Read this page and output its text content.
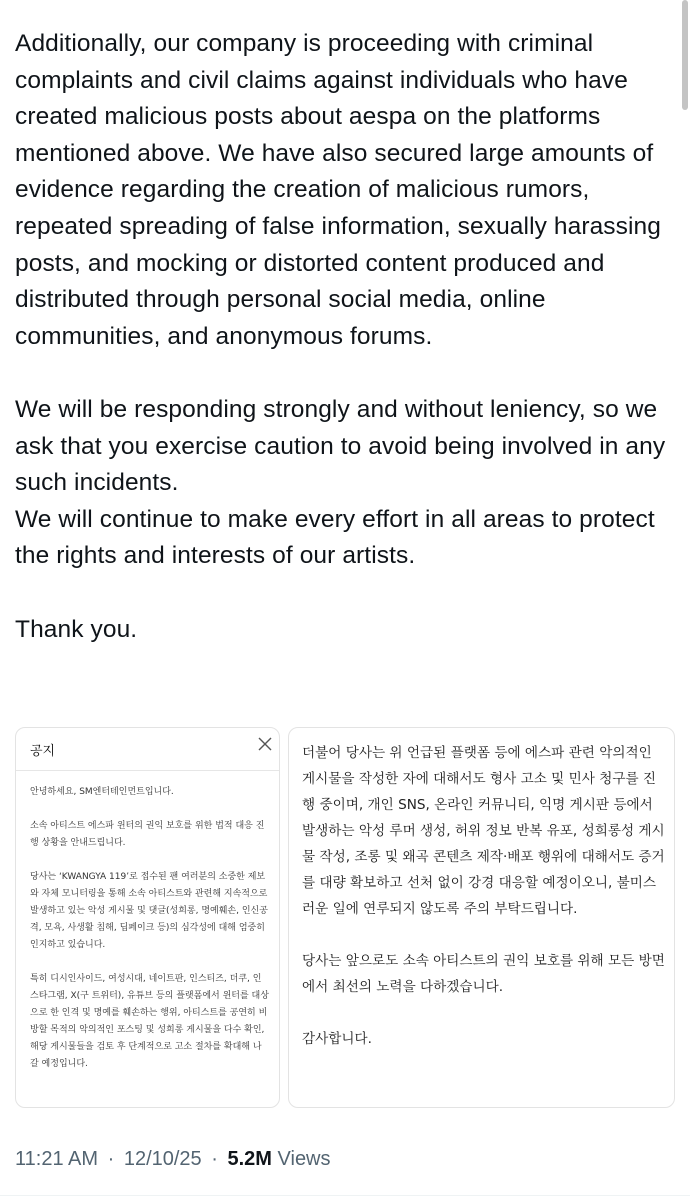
Additionally, our company is proceeding with criminal complaints and civil claims against individuals who have created malicious posts about aespa on the platforms mentioned above. We have also secured large amounts of evidence regarding the creation of malicious rumors, repeated spreading of false information, sexually harassing posts, and mocking or distorted content produced and distributed through personal social media, online communities, and anonymous forums.

We will be responding strongly and without leniency, so we ask that you exercise caution to avoid being involved in any such incidents.

We will continue to make every effort in all areas to protect the rights and interests of our artists.

Thank you.

공지

안녕하세요, SM엔터테인먼트입니다.

소속 아티스트 에스파 윈터의 권익 보호를 위한 법적 대응 진행 상황을 안내드립니다.

당사는 ‘KWANGYA 119’로 접수된 팬 여러분의 소중한 제보와 자체 모니터링을 통해 소속 아티스트와 관련해 지속적으로 발생하고 있는 악성 게시물 및 댓글(성희롱, 명예훼손, 인신공격, 모욕, 사생활 침해, 딥페이크 등)의 심각성에 대해 엄중히 인지하고 있습니다.

특히 디시인사이드, 여성시대, 네이트판, 인스티즈, 더쿠, 인스타그램, X(구 트위터), 유튜브 등의 플랫폼에서 윈터를 대상으로 한 인격 및 명예를 훼손하는 행위, 아티스트를 공연히 비방할 목적의 악의적인 포스팅 및 성희롱 게시물을 다수 확인, 해당 게시물들을 검토 후 단계적으로 고소 절차를 확대해 나갈 예정입니다.

더불어 당사는 위 언급된 플랫폼 등에 에스파 관련 악의적인 게시물을 작성한 자에 대해서도 형사 고소 및 민사 청구를 진행 중이며, 개인 SNS, 온라인 커뮤니티, 익명 게시판 등에서 발생하는 악성 루머 생성, 허위 정보 반복 유포, 성희롱성 게시물 작성, 조롱 및 왜곡 콘텐츠 제작·배포 행위에 대해서도 증거를 대량 확보하고 선처 없이 강경 대응할 예정이오니, 불미스러운 일에 연루되지 않도록 주의 부탁드립니다.

당사는 앞으로도 소속 아티스트의 권익 보호를 위해 모든 방면에서 최선의 노력을 다하겠습니다.

감사합니다.

11:21 AM · 12/10/25 · 5.2M Views
